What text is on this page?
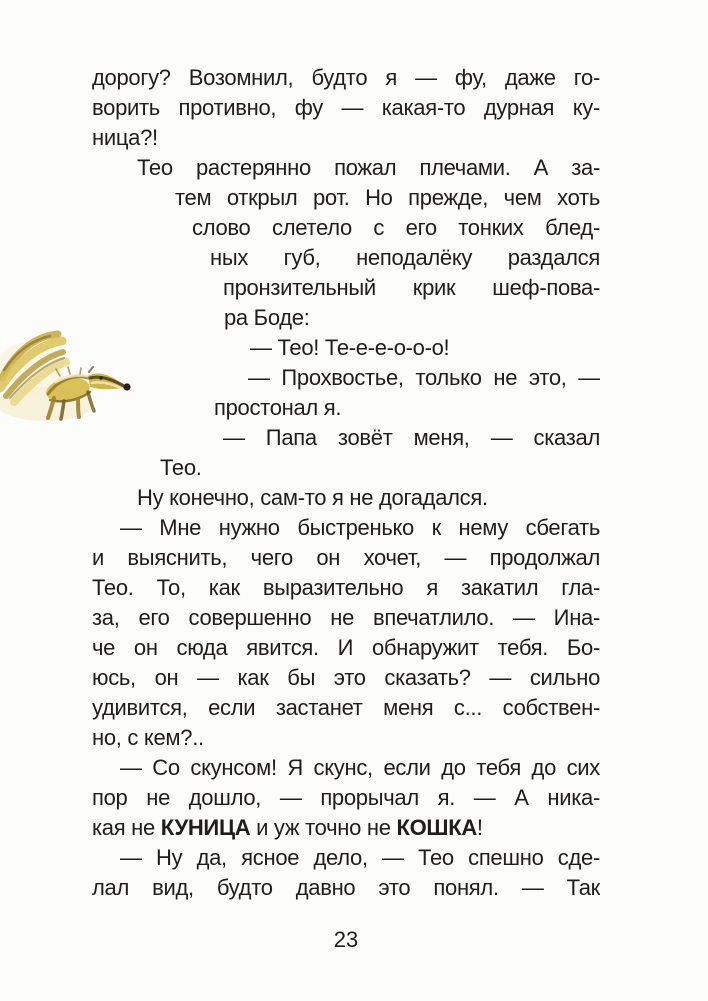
дорогу? Возомнил, будто я — фу, даже го-
ворить противно, фу — какая-то дурная ку-
ница?!
Тео растерянно пожал плечами. А за-
тем открыл рот. Но прежде, чем хоть
слово слетело с его тонких блед-
ных губ, неподалёку раздался
пронзительный крик шеф-пова-
ра Боде:
— Тео! Те-е-е-о-о-о!
— Прохвостье, только не это, —
простонал я.
— Папа зовёт меня, — сказал
Тео.
Ну конечно, сам-то я не догадался.
— Мне нужно быстренько к нему сбегать
и выяснить, чего он хочет, — продолжал
Тео. То, как выразительно я закатил гла-
за, его совершенно не впечатлило. — Ина-
че он сюда явится. И обнаружит тебя. Бо-
юсь, он — как бы это сказать? — сильно
удивится, если застанет меня с... собствен-
но, с кем?..
— Со скунсом! Я скунс, если до тебя до сих
пор не дошло, — прорычал я. — А ника-
кая не КУНИЦА и уж точно не КОШКА!
— Ну да, ясное дело, — Тео спешно сде-
лал вид, будто давно это понял. — Так
23
